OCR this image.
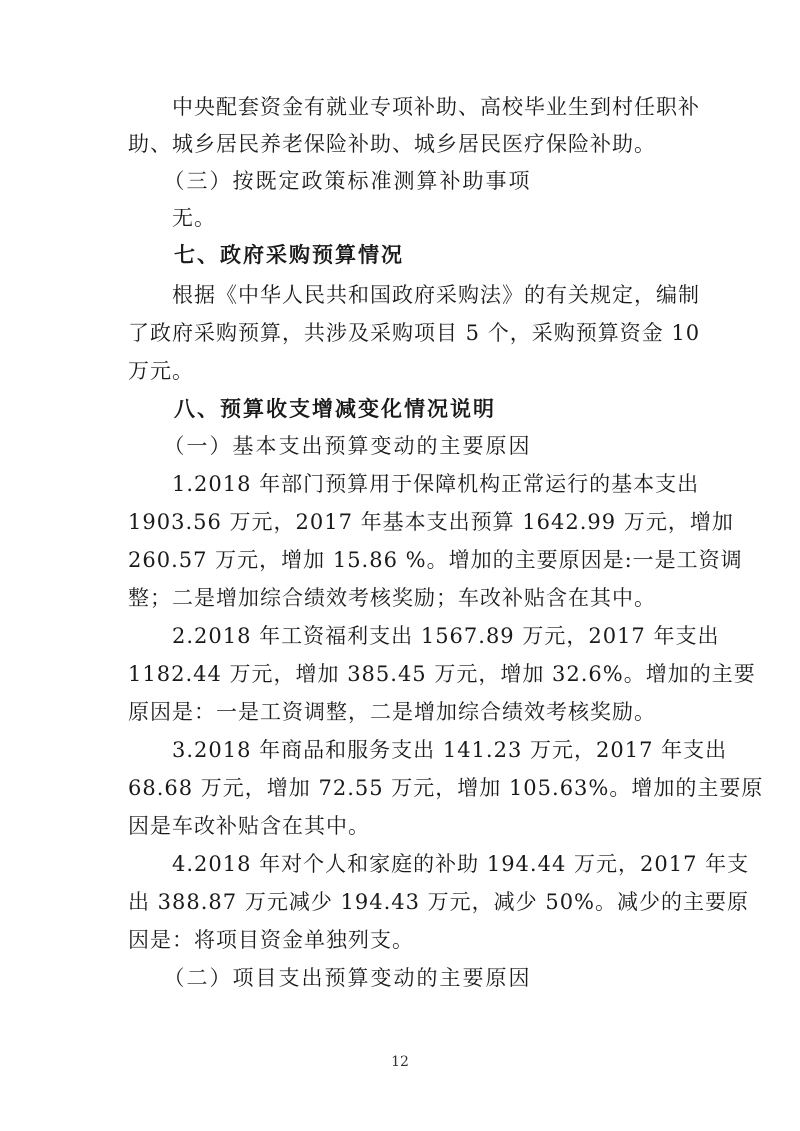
　　中央配套资金有就业专项补助、高校毕业生到村任职补
助、城乡居民养老保险补助、城乡居民医疗保险补助。
　　（三）按既定政策标准测算补助事项
　　无。
　　七、政府采购预算情况
　　根据《中华人民共和国政府采购法》的有关规定，编制
了政府采购预算，共涉及采购项目 5 个，采购预算资金 10
万元。
　　八、预算收支增减变化情况说明
　　（一）基本支出预算变动的主要原因
　　1.2018 年部门预算用于保障机构正常运行的基本支出
1903.56 万元，2017 年基本支出预算 1642.99 万元，增加
260.57 万元，增加 15.86 %。增加的主要原因是:一是工资调
整；二是增加综合绩效考核奖励；车改补贴含在其中。
　　2.2018 年工资福利支出 1567.89 万元，2017 年支出
1182.44 万元，增加 385.45 万元，增加 32.6%。增加的主要
原因是：一是工资调整，二是增加综合绩效考核奖励。
　　3.2018 年商品和服务支出 141.23 万元，2017 年支出
68.68 万元，增加 72.55 万元，增加 105.63%。增加的主要原
因是车改补贴含在其中。
　　4.2018 年对个人和家庭的补助 194.44 万元，2017 年支
出 388.87 万元减少 194.43 万元，减少 50%。减少的主要原
因是：将项目资金单独列支。
　　（二）项目支出预算变动的主要原因
12
